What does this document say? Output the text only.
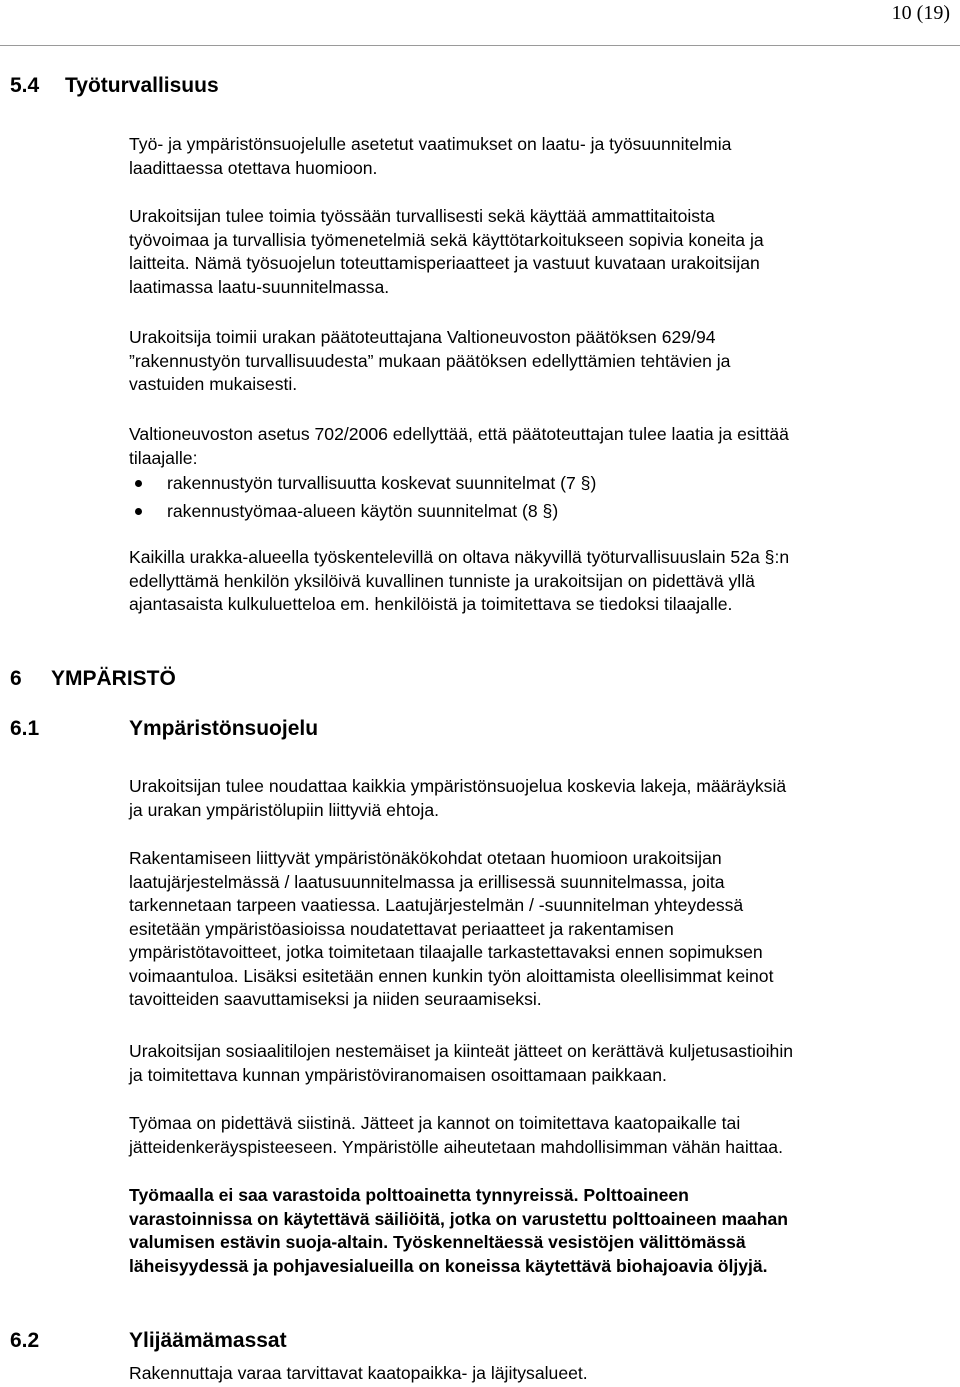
10 (19)
5.4 Työturvallisuus
Työ- ja ympäristönsuojelulle asetetut vaatimukset on laatu- ja työsuunnitelmia
laadittaessa otettava huomioon.
Urakoitsijan tulee toimia työssään turvallisesti sekä käyttää ammattitaitoista
työvoimaa ja turvallisia työmenetelmiä sekä käyttötarkoitukseen sopivia koneita ja
laitteita. Nämä työsuojelun toteuttamisperiaatteet ja vastuut kuvataan urakoitsijan
laatimassa laatu-suunnitelmassa.
Urakoitsija toimii urakan päätoteuttajana Valtioneuvoston päätöksen 629/94
”rakennustyön turvallisuudesta” mukaan päätöksen edellyttämien tehtävien ja
vastuiden mukaisesti.
Valtioneuvoston asetus 702/2006 edellyttää, että päätoteuttajan tulee laatia ja esittää
tilaajalle:
rakennustyön turvallisuutta koskevat suunnitelmat (7 §)
rakennustyömaa-alueen käytön suunnitelmat (8 §)
Kaikilla urakka-alueella työskentelevillä on oltava näkyvillä työturvallisuuslain 52a §:n
edellyttämä henkilön yksilöivä kuvallinen tunniste ja urakoitsijan on pidettävä yllä
ajantasaista kulkuluetteloa em. henkilöistä ja toimitettava se tiedoksi tilaajalle.
6 YMPÄRISTÖ
6.1	Ympäristönsuojelu
Urakoitsijan tulee noudattaa kaikkia ympäristönsuojelua koskevia lakeja, määräyksiä
ja urakan ympäristölupiin liittyviä ehtoja.
Rakentamiseen liittyvät ympäristönäkökohdat otetaan huomioon urakoitsijan
laatujärjestelmässä / laatusuunnitelmassa ja erillisessä suunnitelmassa, joita
tarkennetaan tarpeen vaatiessa. Laatujärjestelmän / -suunnitelman yhteydessä
esitetään ympäristöasioissa noudatettavat periaatteet ja rakentamisen
ympäristötavoitteet, jotka toimitetaan tilaajalle tarkastettavaksi ennen sopimuksen
voimaantuloa. Lisäksi esitetään ennen kunkin työn aloittamista oleellisimmat keinot
tavoitteiden saavuttamiseksi ja niiden seuraamiseksi.
Urakoitsijan sosiaalitilojen nestemäiset ja kiinteät jätteet on kerättävä kuljetusastioihin
ja toimitettava kunnan ympäristöviranomaisen osoittamaan paikkaan.
Työmaa on pidettävä siistinä. Jätteet ja kannot on toimitettava kaatopaikalle tai
jätteidenkeräyspisteeseen. Ympäristölle aiheutetaan mahdollisimman vähän haittaa.
Työmaalla ei saa varastoida polttoainetta tynnyreissä. Polttoaineen
varastoinnissa on käytettävä säiliöitä, jotka on varustettu polttoaineen maahan
valumisen estävin suoja-altain. Työskenneltäessä vesistöjen välittömässä
läheisyydessä ja pohjavesialueilla on koneissa käytettävä biohajoavia öljyjä.
6.2	Ylijäämämassat
Rakennuttaja varaa tarvittavat kaatopaikka- ja läjitysalueet.
